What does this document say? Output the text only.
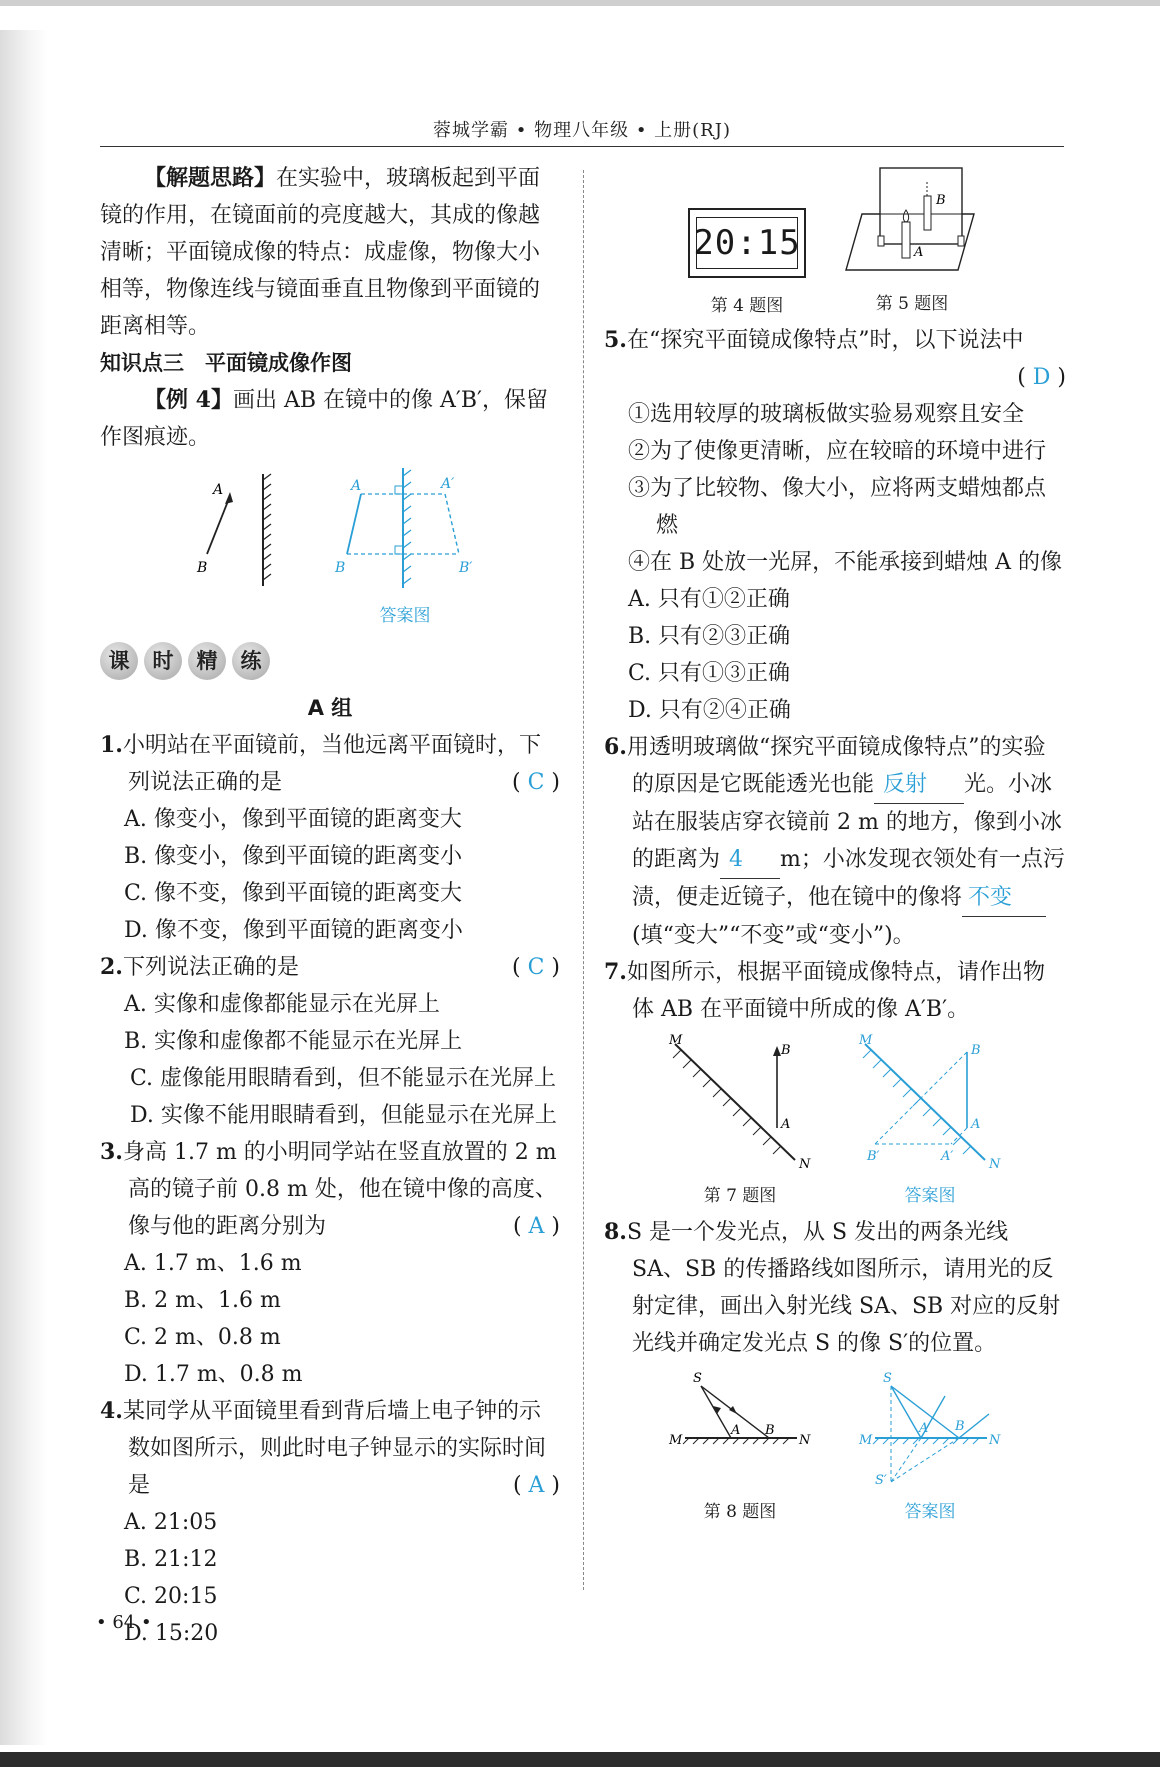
蓉城学霸 • 物理八年级 • 上册(RJ)

【解题思路】在实验中，玻璃板起到平面镜的作用，在镜面前的亮度越大，其成的像越清晰；平面镜成像的特点：成虚像，物像大小相等，物像连线与镜面垂直且物像到平面镜的距离相等。

知识点三　平面镜成像作图

【例 4】画出 AB 在镜中的像 A′B′，保留作图痕迹。

A
B
A
B
A′
B′
答案图
课	时	精	练

A 组

1.小明站在平面镜前，当他远离平面镜时，下列说法正确的是	( C )

A. 像变小，像到平面镜的距离变大

B. 像变小，像到平面镜的距离变小

C. 像不变，像到平面镜的距离变大

D. 像不变，像到平面镜的距离变小

2.下列说法正确的是	( C )

A. 实像和虚像都能显示在光屏上

B. 实像和虚像都不能显示在光屏上

C. 虚像能用眼睛看到，但不能显示在光屏上

D. 实像不能用眼睛看到，但能显示在光屏上

3.身高 1.7 m 的小明同学站在竖直放置的 2 m 高的镜子前 0.8 m 处，他在镜中像的高度、像与他的距离分别为	( A )

A. 1.7 m、1.6 mB. 2 m、1.6 m

C. 2 m、0.8 mD. 1.7 m、0.8 m

4.某同学从平面镜里看到背后墙上电子钟的示数如图所示，则此时电子钟显示的实际时间是	( A )

A. 21:05B. 21:12

C. 20:15D. 15:20

• 64 •
20:15
第 4 题图
B
A
第 5 题图

5.在“探究平面镜成像特点”时，以下说法中

( D )

①选用较厚的玻璃板做实验易观察且安全

②为了使像更清晰，应在较暗的环境中进行

③为了比较物、像大小，应将两支蜡烛都点燃

④在 B 处放一光屏，不能承接到蜡烛 A 的像

A. 只有①②正确B. 只有②③正确

C. 只有①③正确D. 只有②④正确

6.用透明玻璃做“探究平面镜成像特点”的实验的原因是它既能透光也能 反射 光。小冰站在服装店穿衣镜前 2 m 的地方，像到小冰的距离为 4 m；小冰发现衣领处有一点污渍，便走近镜子，他在镜中的像将 不变(填“变大”“不变”或“变小”)。

7.如图所示，根据平面镜成像特点，请作出物体 AB 在平面镜中所成的像 A′B′。

M
N
B
A
第 7 题图
M
N
B
A
B′	A′
答案图

8.S 是一个发光点，从 S 发出的两条光线 SA、SB 的传播路线如图所示，请用光的反射定律，画出入射光线 SA、SB 对应的反射光线并确定发光点 S 的像 S′的位置。

S
M	N
A B
第 8 题图
S
M	N
A B
S′
答案图
